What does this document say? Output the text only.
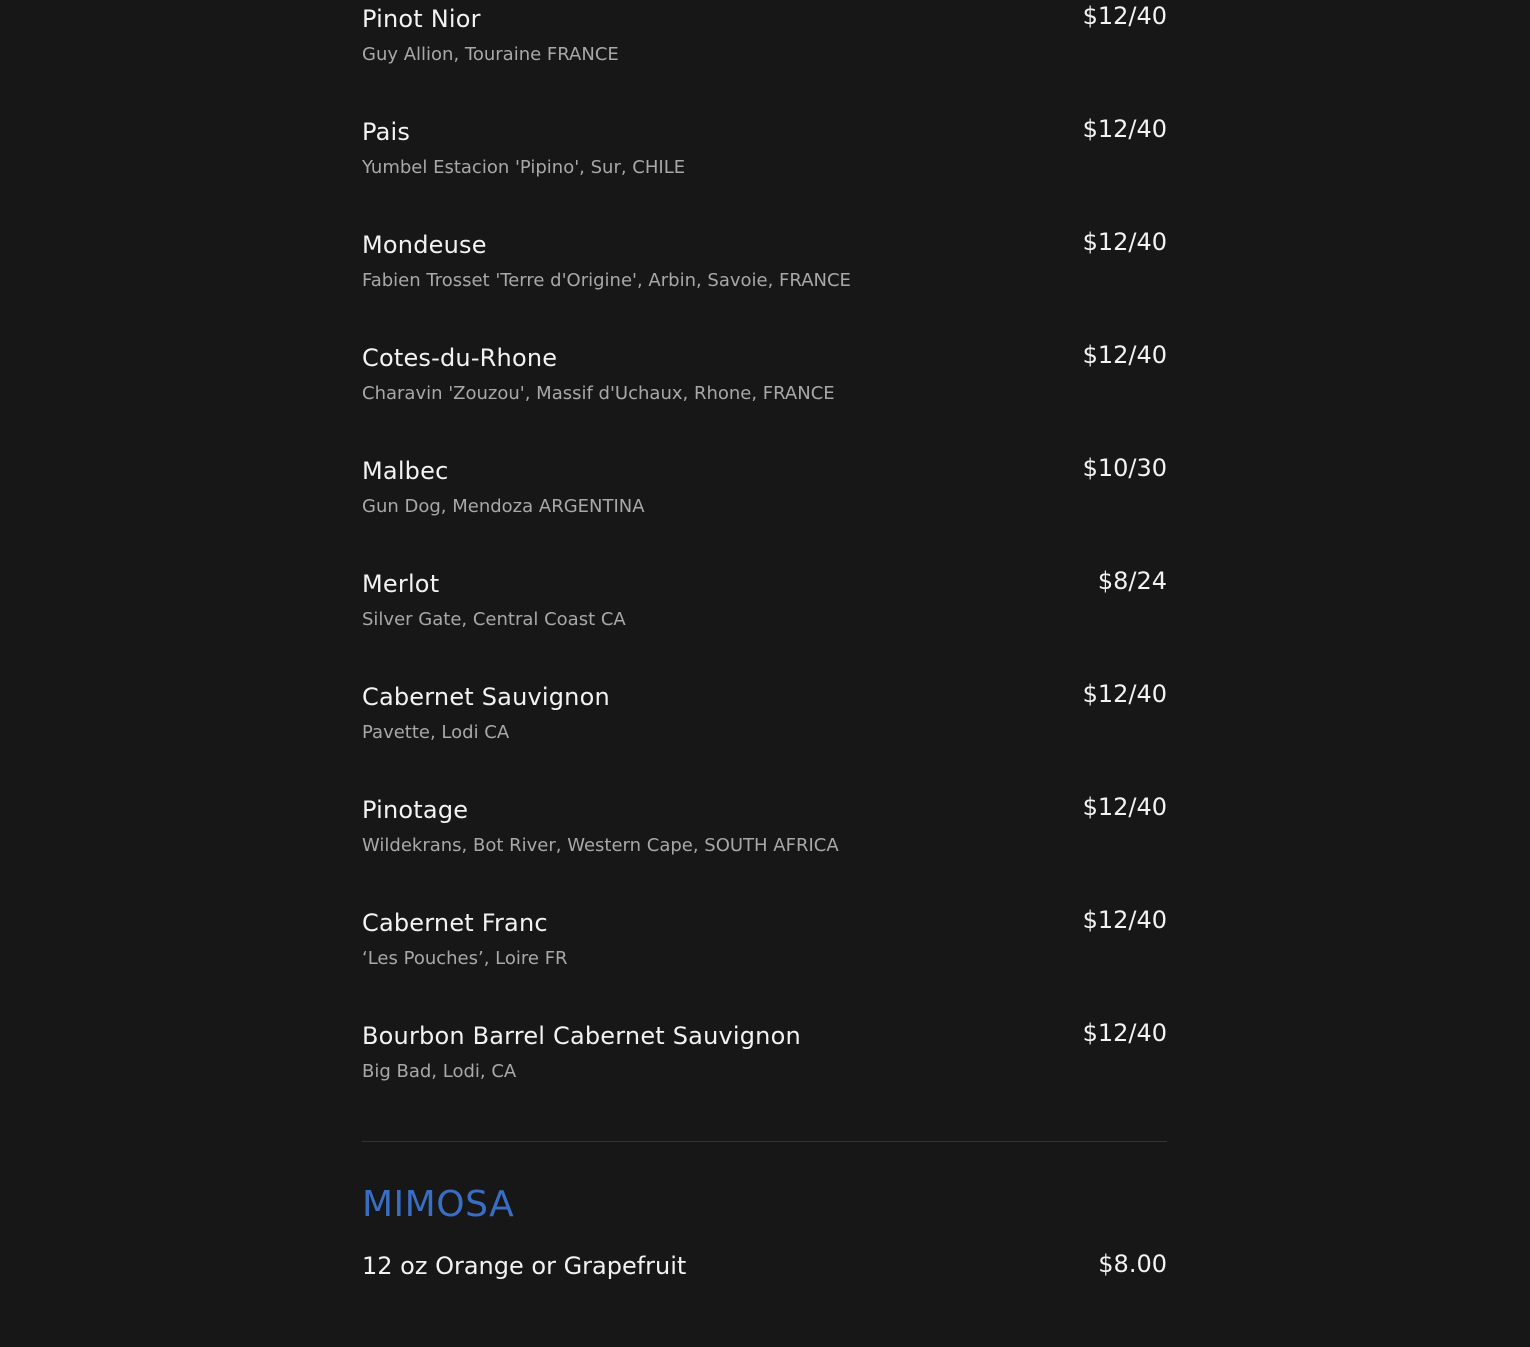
Pinot Nior
Guy Allion, Touraine FRANCE
$12/40
Pais
Yumbel Estacion 'Pipino', Sur, CHILE
$12/40
Mondeuse
Fabien Trosset 'Terre d'Origine', Arbin, Savoie, FRANCE
$12/40
Cotes-du-Rhone
Charavin 'Zouzou', Massif d'Uchaux, Rhone, FRANCE
$12/40
Malbec
Gun Dog, Mendoza ARGENTINA
$10/30
Merlot
Silver Gate, Central Coast CA
$8/24
Cabernet Sauvignon
Pavette, Lodi CA
$12/40
Pinotage
Wildekrans, Bot River, Western Cape, SOUTH AFRICA
$12/40
Cabernet Franc
‘Les Pouches’, Loire FR
$12/40
Bourbon Barrel Cabernet Sauvignon
Big Bad, Lodi, CA
$12/40
MIMOSA
12 oz Orange or Grapefruit	$8.00
